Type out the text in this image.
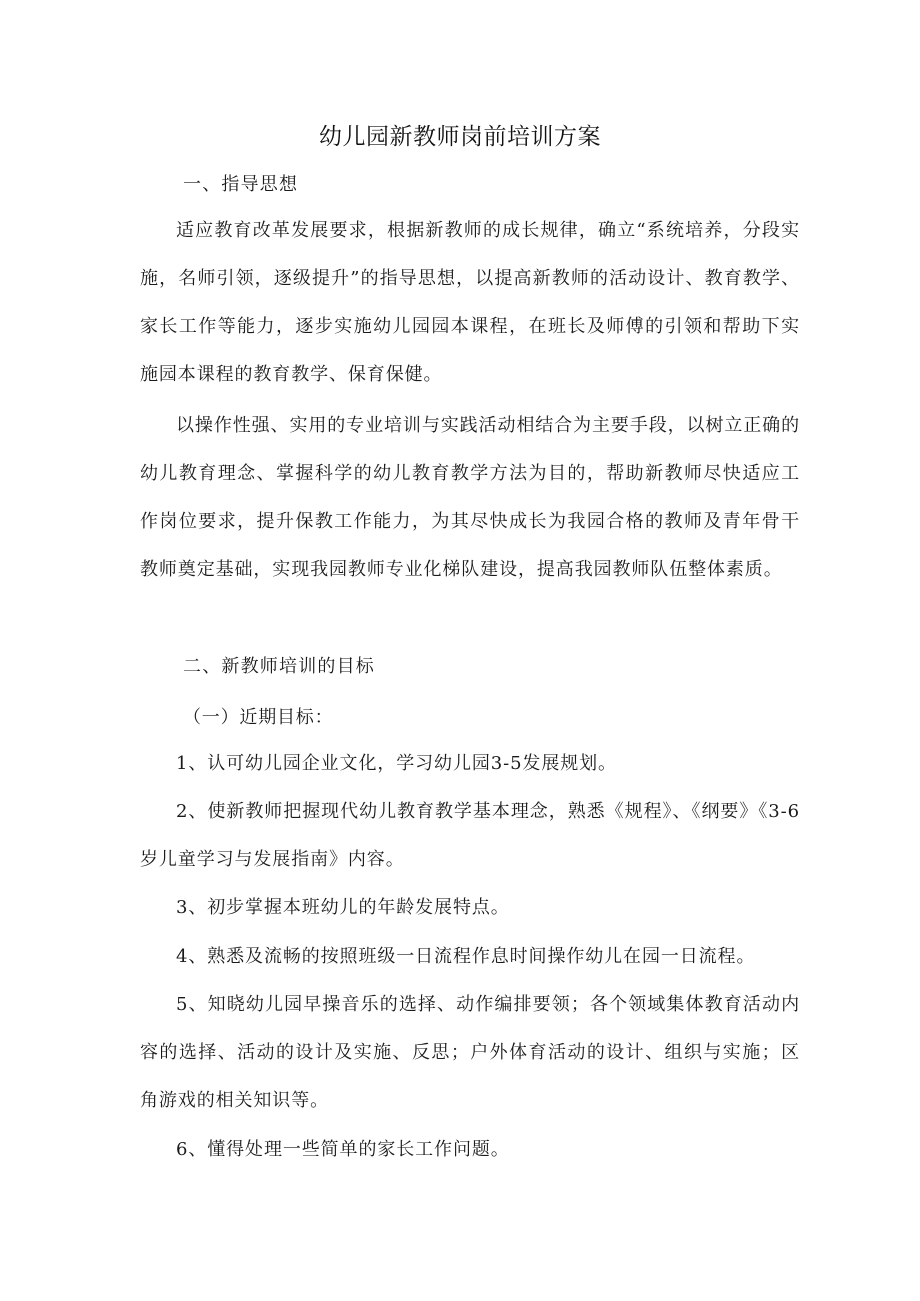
幼儿园新教师岗前培训方案
一、指导思想
适应教育改革发展要求，根据新教师的成长规律，确立“系统培养，分段实施，名师引领，逐级提升”的指导思想，以提高新教师的活动设计、教育教学、家长工作等能力，逐步实施幼儿园园本课程，在班长及师傅的引领和帮助下实施园本课程的教育教学、保育保健。
以操作性强、实用的专业培训与实践活动相结合为主要手段，以树立正确的幼儿教育理念、掌握科学的幼儿教育教学方法为目的，帮助新教师尽快适应工作岗位要求，提升保教工作能力，为其尽快成长为我园合格的教师及青年骨干教师奠定基础，实现我园教师专业化梯队建设，提高我园教师队伍整体素质。
二、新教师培训的目标
（一）近期目标：
1、认可幼儿园企业文化，学习幼儿园3-5发展规划。
2、使新教师把握现代幼儿教育教学基本理念，熟悉《规程》、《纲要》《3-6岁儿童学习与发展指南》内容。
3、初步掌握本班幼儿的年龄发展特点。
4、熟悉及流畅的按照班级一日流程作息时间操作幼儿在园一日流程。
5、知晓幼儿园早操音乐的选择、动作编排要领；各个领域集体教育活动内容的选择、活动的设计及实施、反思；户外体育活动的设计、组织与实施；区角游戏的相关知识等。
6、懂得处理一些简单的家长工作问题。
